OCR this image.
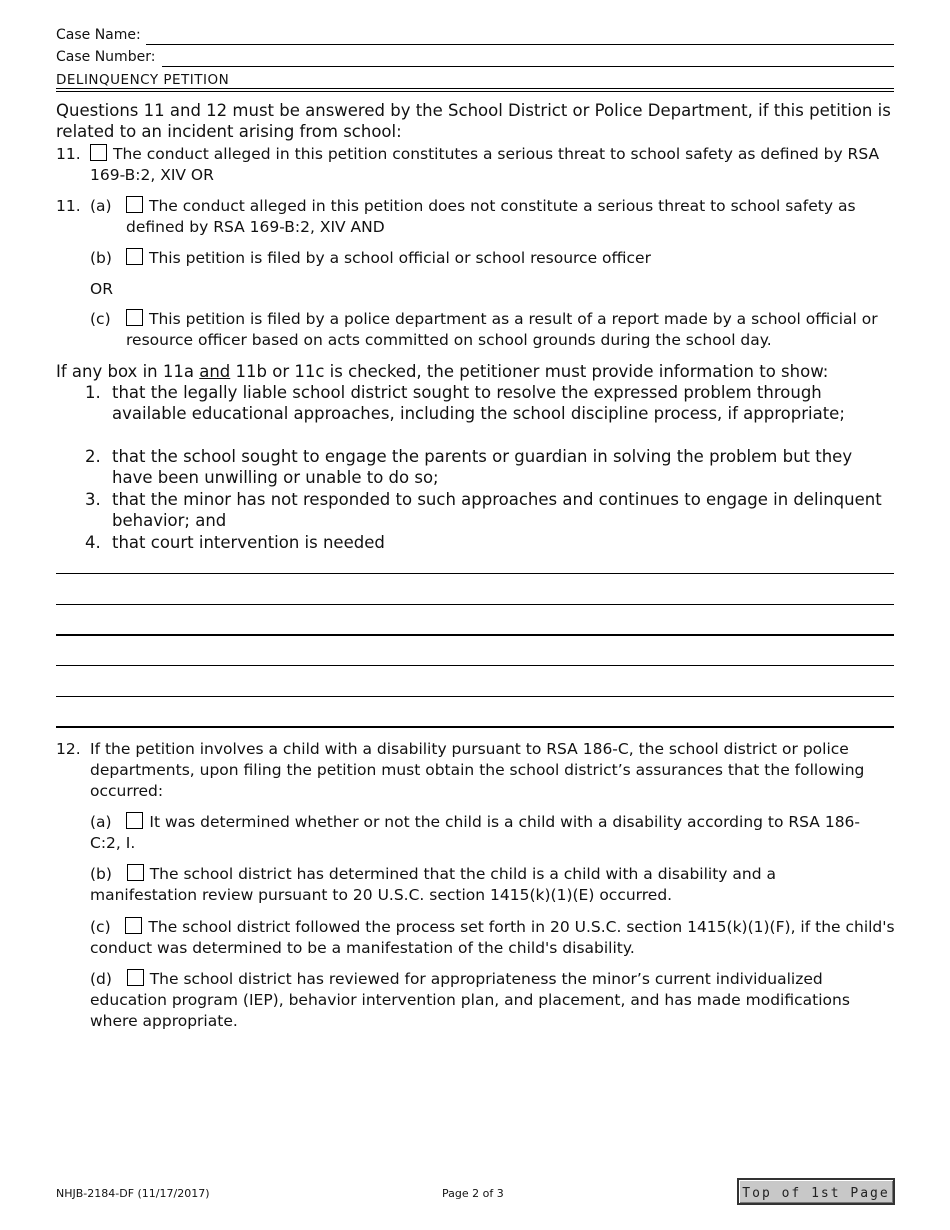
Case Name:
Case Number:
DELINQUENCY PETITION
Questions 11 and 12 must be answered by the School District or Police Department, if this petition is related to an incident arising from school:
11.	The conduct alleged in this petition constitutes a serious threat to school safety as defined by RSA 169-B:2, XIV OR
11. (a)	The conduct alleged in this petition does not constitute a serious threat to school safety as defined by RSA 169-B:2, XIV AND
(b)	This petition is filed by a school official or school resource officer
OR
(c)	This petition is filed by a police department as a result of a report made by a school official or resource officer based on acts committed on school grounds during the school day.
If any box in 11a and 11b or 11c is checked, the petitioner must provide information to show:
1. that the legally liable school district sought to resolve the expressed problem through available educational approaches, including the school discipline process, if appropriate;
2. that the school sought to engage the parents or guardian in solving the problem but they have been unwilling or unable to do so;
3. that the minor has not responded to such approaches and continues to engage in delinquent behavior; and
4. that court intervention is needed
12. If the petition involves a child with a disability pursuant to RSA 186-C, the school district or police departments, upon filing the petition must obtain the school district’s assurances that the following occurred:
(a) It was determined whether or not the child is a child with a disability according to RSA 186-C:2, I.
(b) The school district has determined that the child is a child with a disability and a manifestation review pursuant to 20 U.S.C. section 1415(k)(1)(E) occurred.
(c) The school district followed the process set forth in 20 U.S.C. section 1415(k)(1)(F), if the child's conduct was determined to be a manifestation of the child's disability.
(d) The school district has reviewed for appropriateness the minor’s current individualized education program (IEP), behavior intervention plan, and placement, and has made modifications where appropriate.
NHJB-2184-DF (11/17/2017)	Page 2 of 3	Top of 1st Page
